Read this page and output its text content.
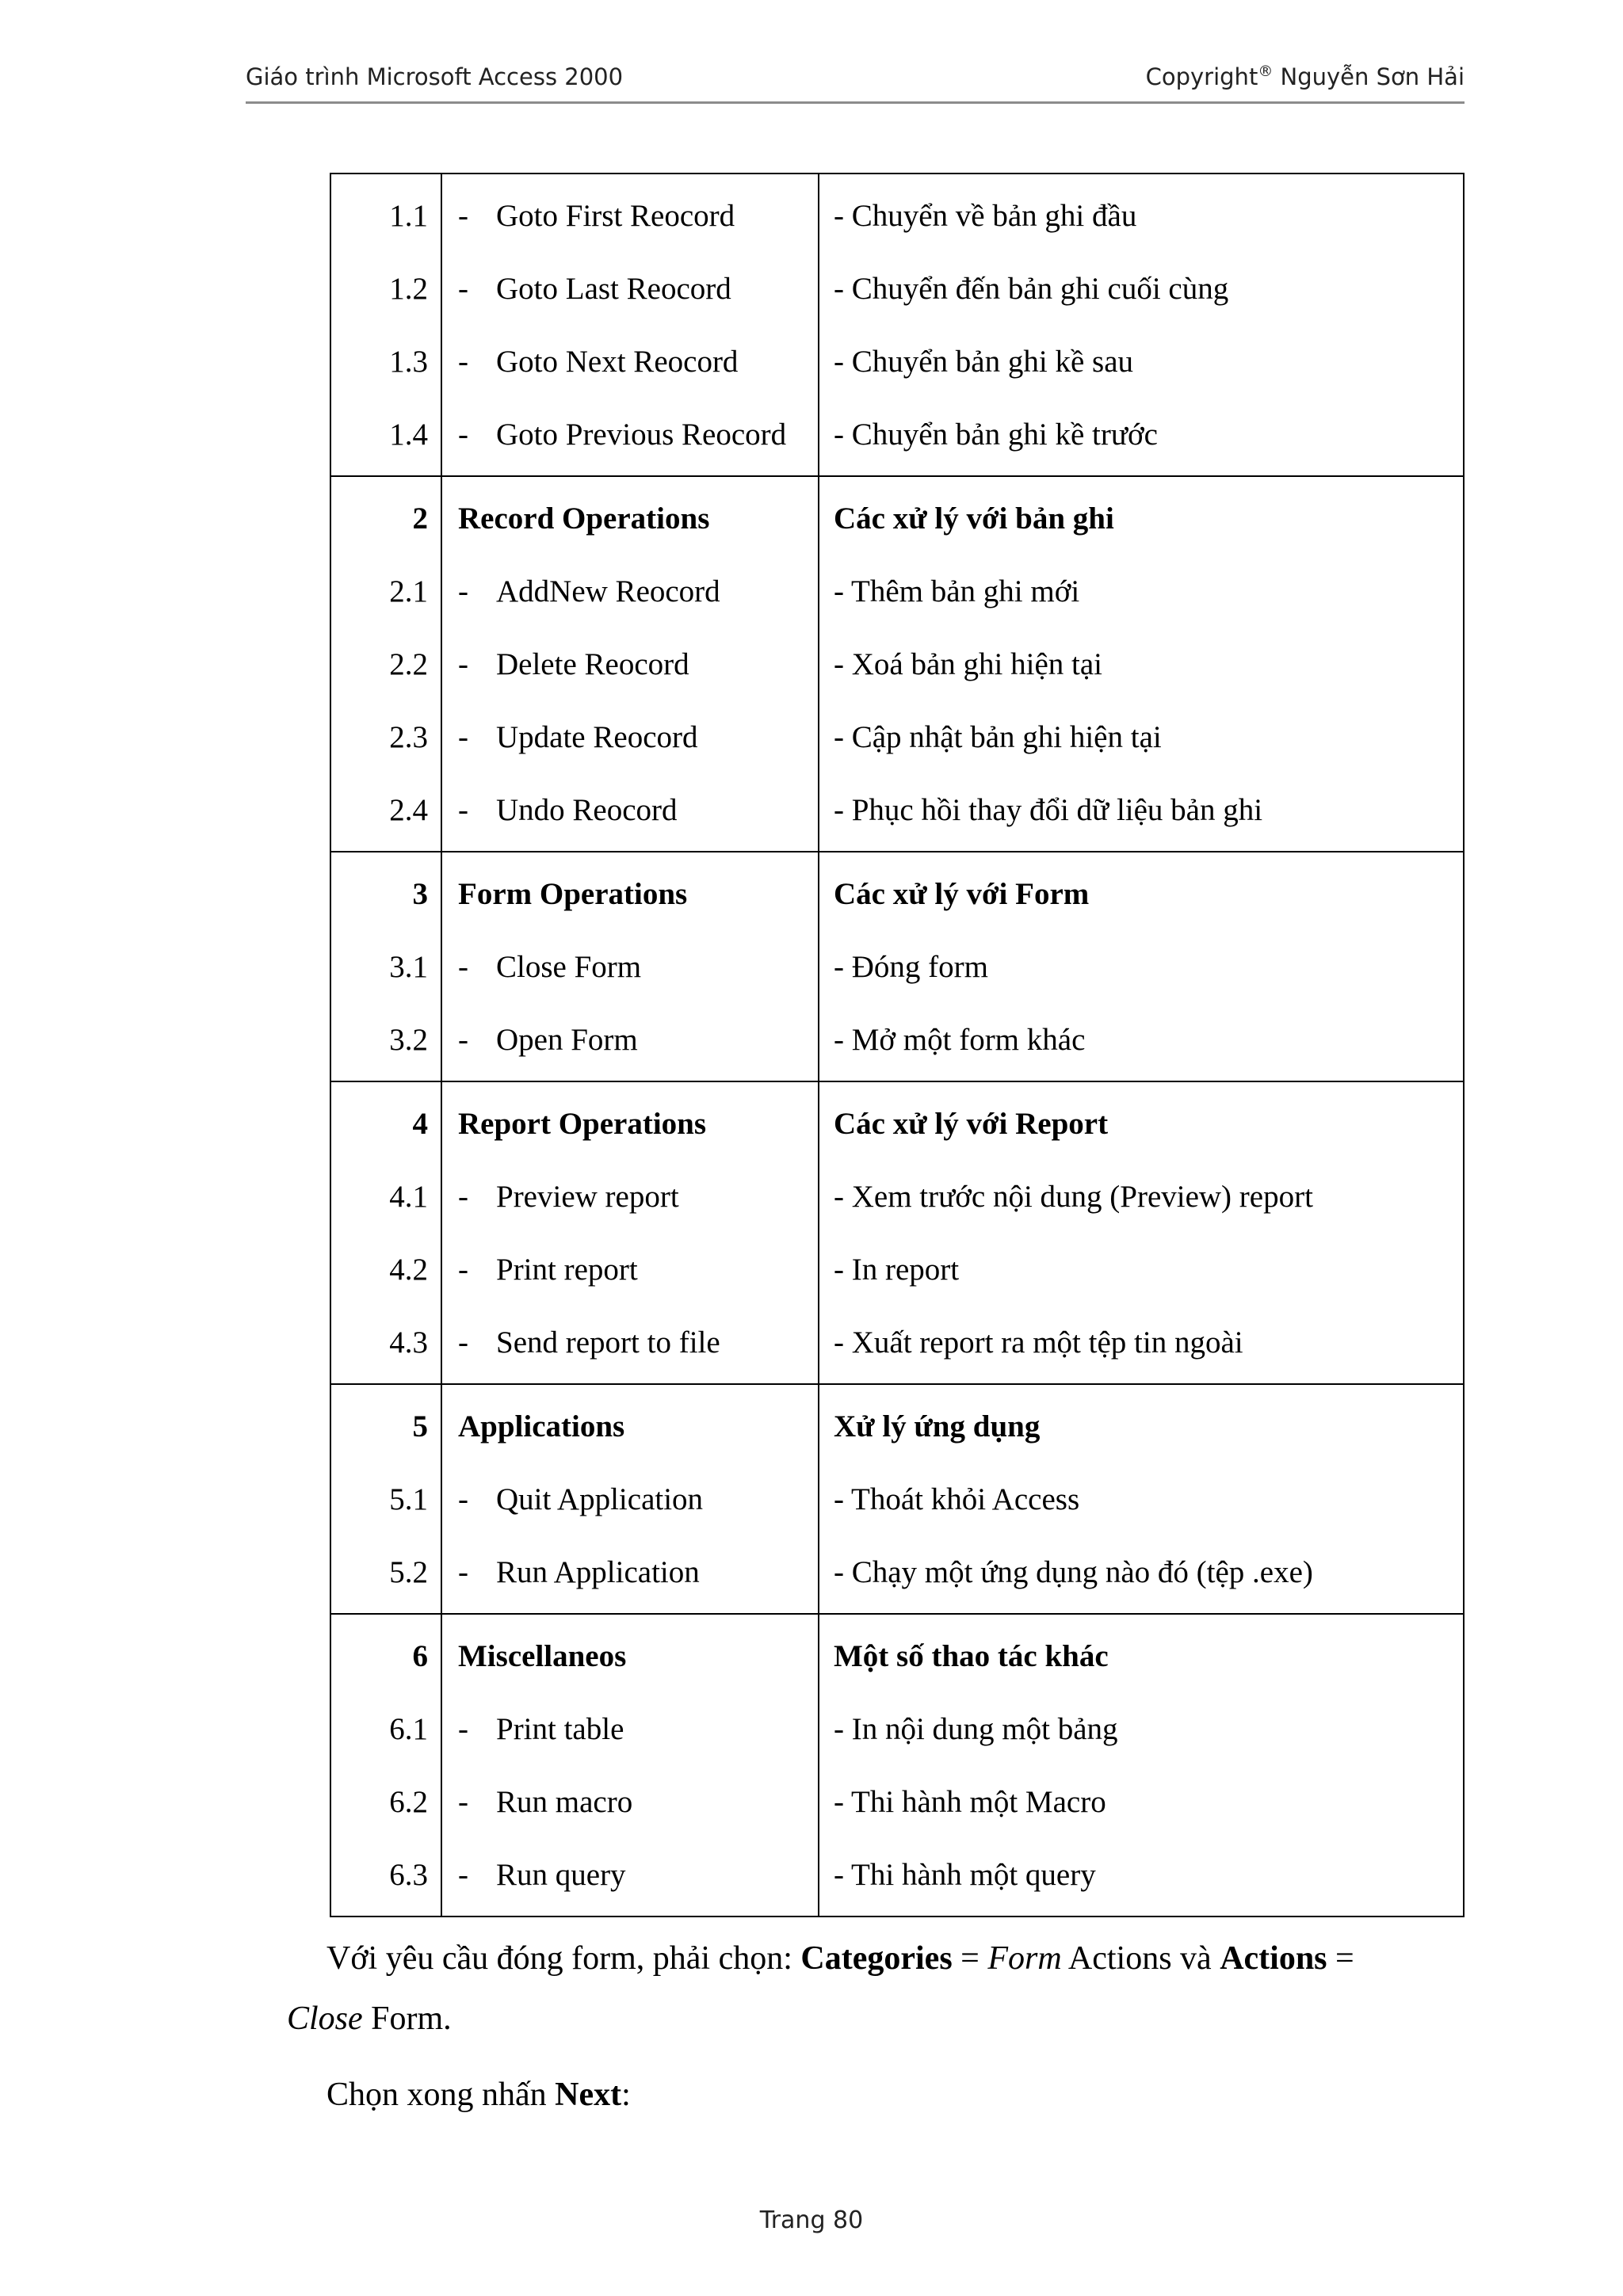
Giáo trình Microsoft Access 2000	Copyright® Nguyễn Sơn Hải
1.1 - Goto First Reocord	- Chuyển về bản ghi đầu
1.2 - Goto Last Reocord	- Chuyển đến bản ghi cuối cùng
1.3 - Goto Next Reocord	- Chuyển bản ghi kề sau
1.4 - Goto Previous Reocord	- Chuyển bản ghi kề trước
2 Record Operations	Các xử lý với bản ghi
2.1 - AddNew Reocord	- Thêm bản ghi mới
2.2 - Delete Reocord	- Xoá bản ghi hiện tại
2.3 - Update Reocord	- Cập nhật bản ghi hiện tại
2.4 - Undo Reocord	- Phục hồi thay đổi dữ liệu bản ghi
3 Form Operations	Các xử lý với Form
3.1 - Close Form	- Đóng form
3.2 - Open Form	- Mở một form khác
4 Report Operations	Các xử lý với Report
4.1 - Preview report	- Xem trước nội dung (Preview) report
4.2 - Print report	- In report
4.3 - Send report to file	- Xuất report ra một tệp tin ngoài
5 Applications	Xử lý ứng dụng
5.1 - Quit Application	- Thoát khỏi Access
5.2 - Run Application	- Chạy một ứng dụng nào đó (tệp .exe)
6 Miscellaneos	Một số thao tác khác
6.1 - Print table	- In nội dung một bảng
6.2 - Run macro	- Thi hành một Macro
6.3 - Run query	- Thi hành một query
Với yêu cầu đóng form, phải chọn: Categories = Form Actions và Actions =
Close Form.
Chọn xong nhấn Next:
Trang 80
